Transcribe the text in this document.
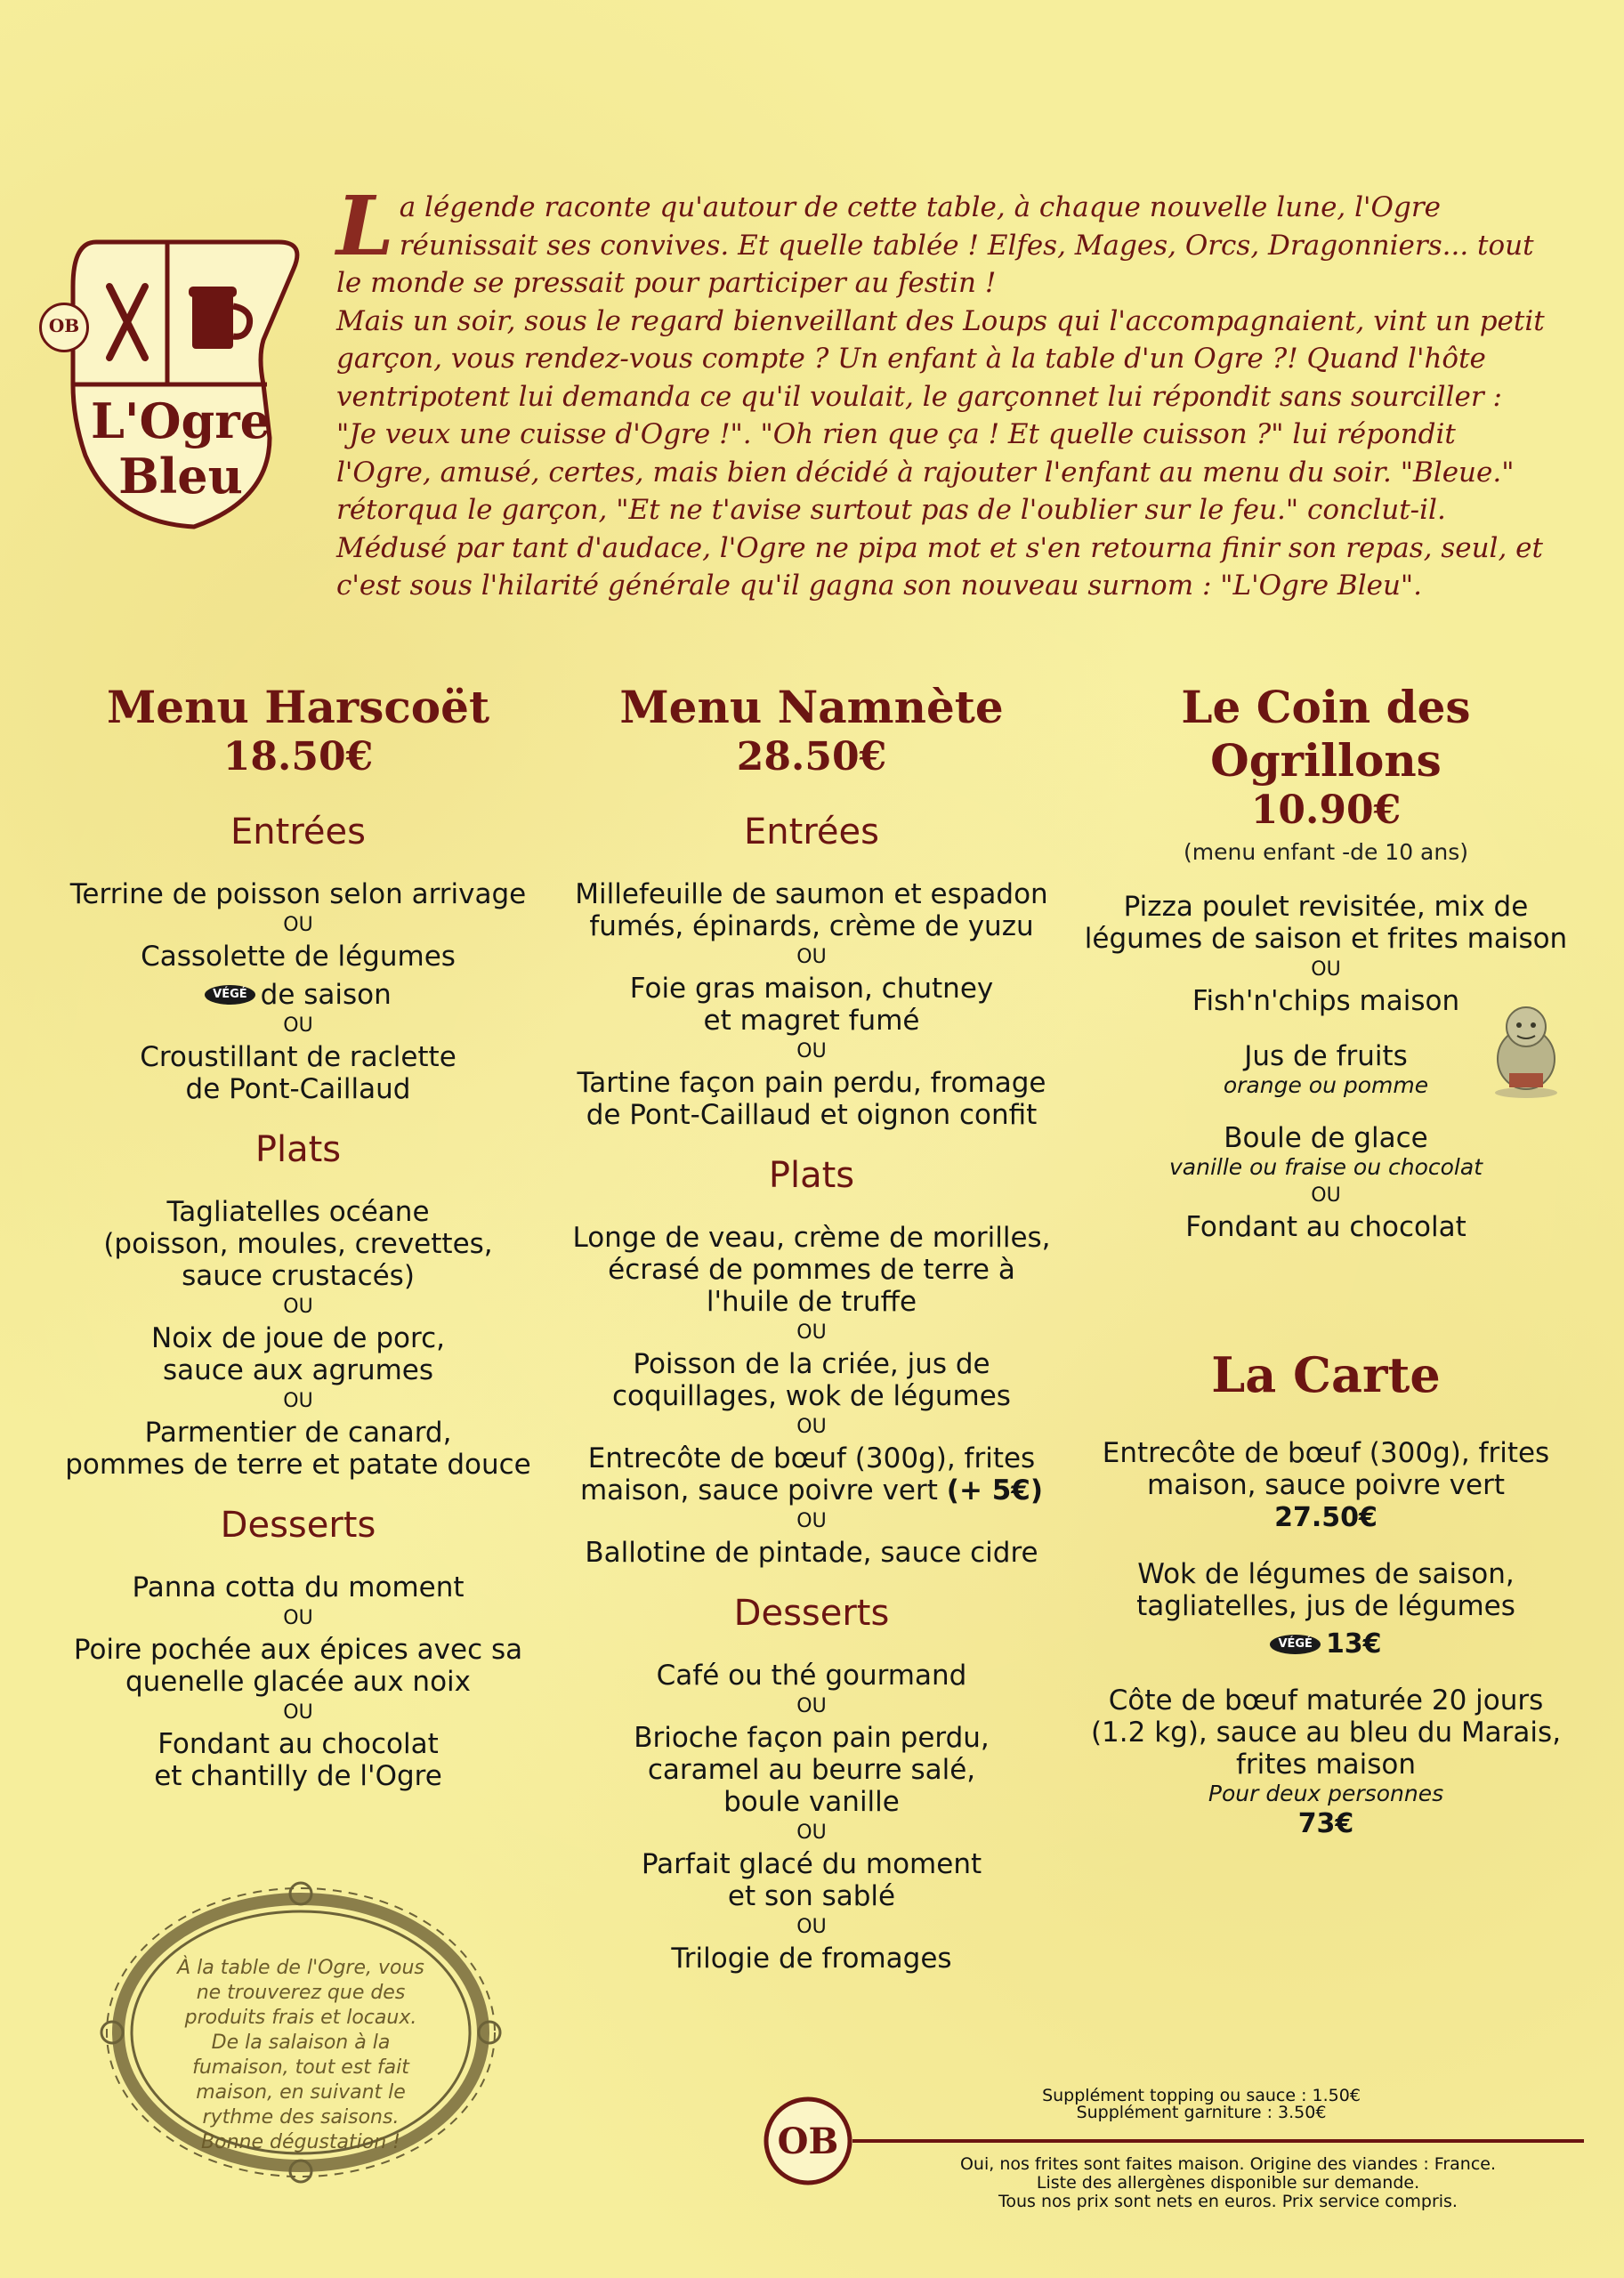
OB
L'Ogre
Bleu
L a légende raconte qu'autour de cette table, à chaque nouvelle lune, l'Ogre réunissait ses convives. Et quelle tablée ! Elfes, Mages, Orcs, Dragonniers... tout le monde se pressait pour participer au festin !

Mais un soir, sous le regard bienveillant des Loups qui l'accompagnaient, vint un petit garçon, vous rendez-vous compte ? Un enfant à la table d'un Ogre ?! Quand l'hôte ventripotent lui demanda ce qu'il voulait, le garçonnet lui répondit sans sourciller : "Je veux une cuisse d'Ogre !". "Oh rien que ça ! Et quelle cuisson ?" lui répondit l'Ogre, amusé, certes, mais bien décidé à rajouter l'enfant au menu du soir. "Bleue." rétorqua le garçon, "Et ne t'avise surtout pas de l'oublier sur le feu." conclut-il. Médusé par tant d'audace, l'Ogre ne pipa mot et s'en retourna finir son repas, seul, et c'est sous l'hilarité générale qu'il gagna son nouveau surnom : "L'Ogre Bleu".

Menu Harscoët
18.50€
Entrées
Terrine de poisson selon arrivage
OU
Cassolette de légumes
VÉGÉ de saison
OU
Croustillant de raclette
de Pont-Caillaud
Plats
Tagliatelles océane
(poisson, moules, crevettes,
sauce crustacés)
OU
Noix de joue de porc,
sauce aux agrumes
OU
Parmentier de canard,
pommes de terre et patate douce
Desserts
Panna cotta du moment
OU
Poire pochée aux épices avec sa
quenelle glacée aux noix
OU
Fondant au chocolat
et chantilly de l'Ogre
Menu Namnète
28.50€
Entrées
Millefeuille de saumon et espadon
fumés, épinards, crème de yuzu
OU
Foie gras maison, chutney
et magret fumé
OU
Tartine façon pain perdu, fromage
de Pont-Caillaud et oignon confit
Plats
Longe de veau, crème de morilles,
écrasé de pommes de terre à
l'huile de truffe
OU
Poisson de la criée, jus de
coquillages, wok de légumes
OU
Entrecôte de bœuf (300g), frites
maison, sauce poivre vert (+ 5€)
OU
Ballotine de pintade, sauce cidre
Desserts
Café ou thé gourmand
OU
Brioche façon pain perdu,
caramel au beurre salé,
boule vanille
OU
Parfait glacé du moment
et son sablé
OU
Trilogie de fromages
Le Coin des Ogrillons
10.90€
(menu enfant -de 10 ans)
Pizza poulet revisitée, mix de
légumes de saison et frites maison
OU
Fish'n'chips maison
Jus de fruits
orange ou pomme
Boule de glace
vanille ou fraise ou chocolat
OU
Fondant au chocolat
La Carte
Entrecôte de bœuf (300g), frites
maison, sauce poivre vert
27.50€
Wok de légumes de saison,
tagliatelles, jus de légumes
VÉGÉ 13€
Côte de bœuf maturée 20 jours
(1.2 kg), sauce au bleu du Marais,
frites maison
Pour deux personnes
73€
À la table de l'Ogre, vous ne trouverez que des produits frais et locaux. De la salaison à la fumaison, tout est fait maison, en suivant le rythme des saisons. Bonne dégustation !
Supplément topping ou sauce : 1.50€
Supplément garniture : 3.50€
OB
Oui, nos frites sont faites maison. Origine des viandes : France.
Liste des allergènes disponible sur demande.
Tous nos prix sont nets en euros. Prix service compris.
